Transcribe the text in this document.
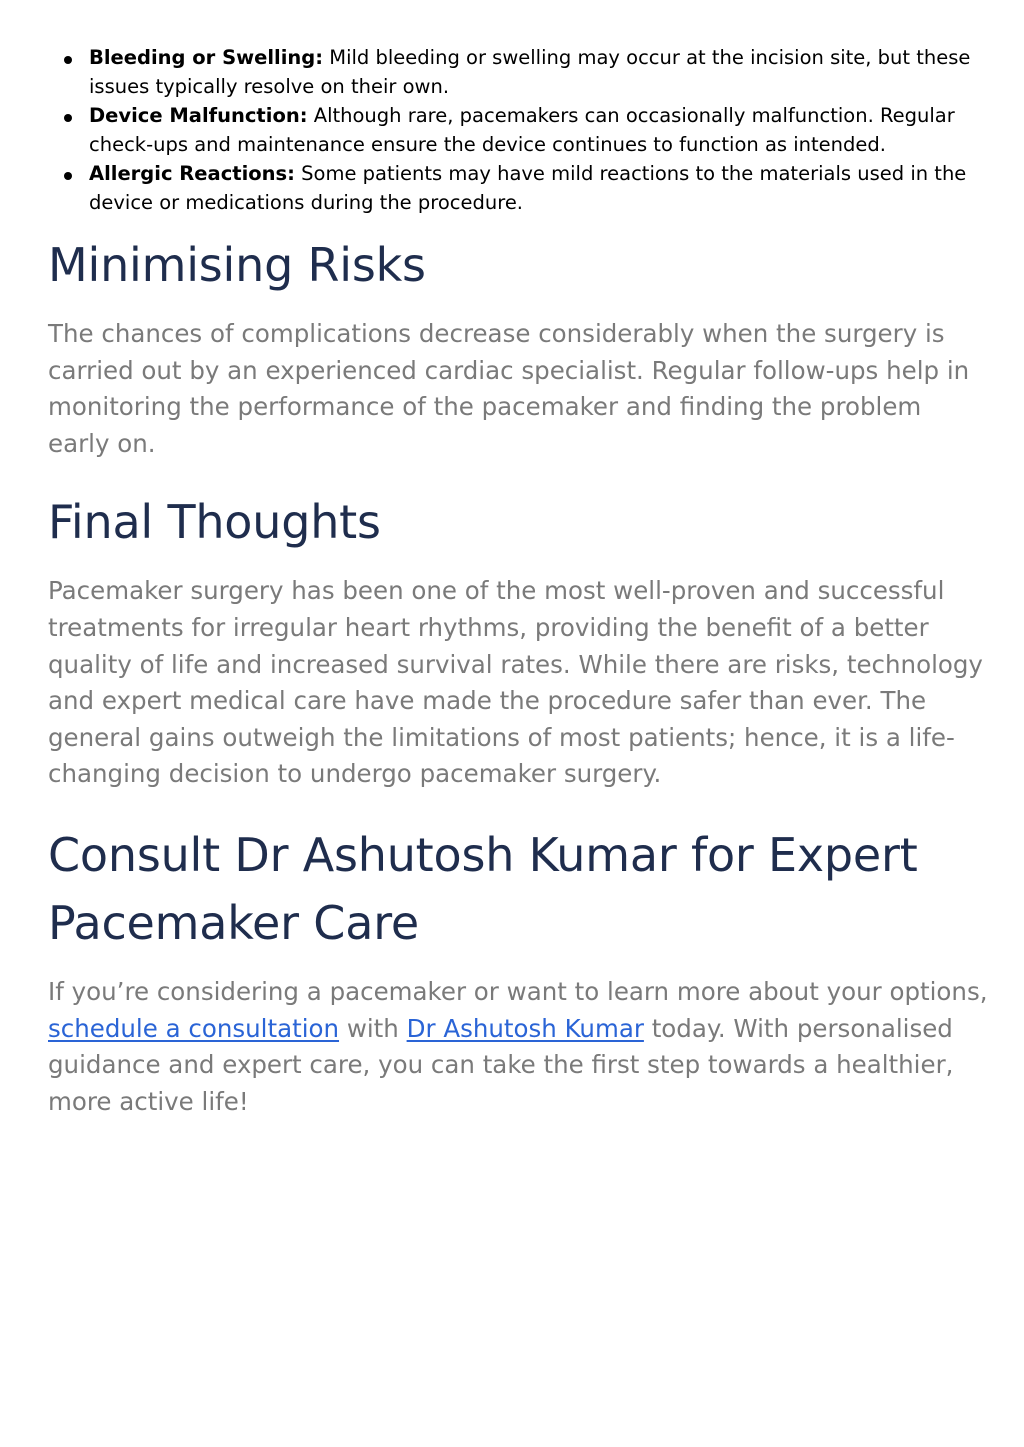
Bleeding or Swelling: Mild bleeding or swelling may occur at the incision site, but these issues typically resolve on their own.
Device Malfunction: Although rare, pacemakers can occasionally malfunction. Regular check-ups and maintenance ensure the device continues to function as intended.
Allergic Reactions: Some patients may have mild reactions to the materials used in the device or medications during the procedure.
Minimising Risks

The chances of complications decrease considerably when the surgery is carried out by an experienced cardiac specialist. Regular follow-ups help in monitoring the performance of the pacemaker and finding the problem early on.

Final Thoughts

Pacemaker surgery has been one of the most well-proven and successful treatments for irregular heart rhythms, providing the benefit of a better quality of life and increased survival rates. While there are risks, technology and expert medical care have made the procedure safer than ever. The general gains outweigh the limitations of most patients; hence, it is a life-changing decision to undergo pacemaker surgery.

Consult Dr Ashutosh Kumar for Expert Pacemaker Care

If you’re considering a pacemaker or want to learn more about your options, schedule a consultation with Dr Ashutosh Kumar today. With personalised guidance and expert care, you can take the first step towards a healthier, more active life!
